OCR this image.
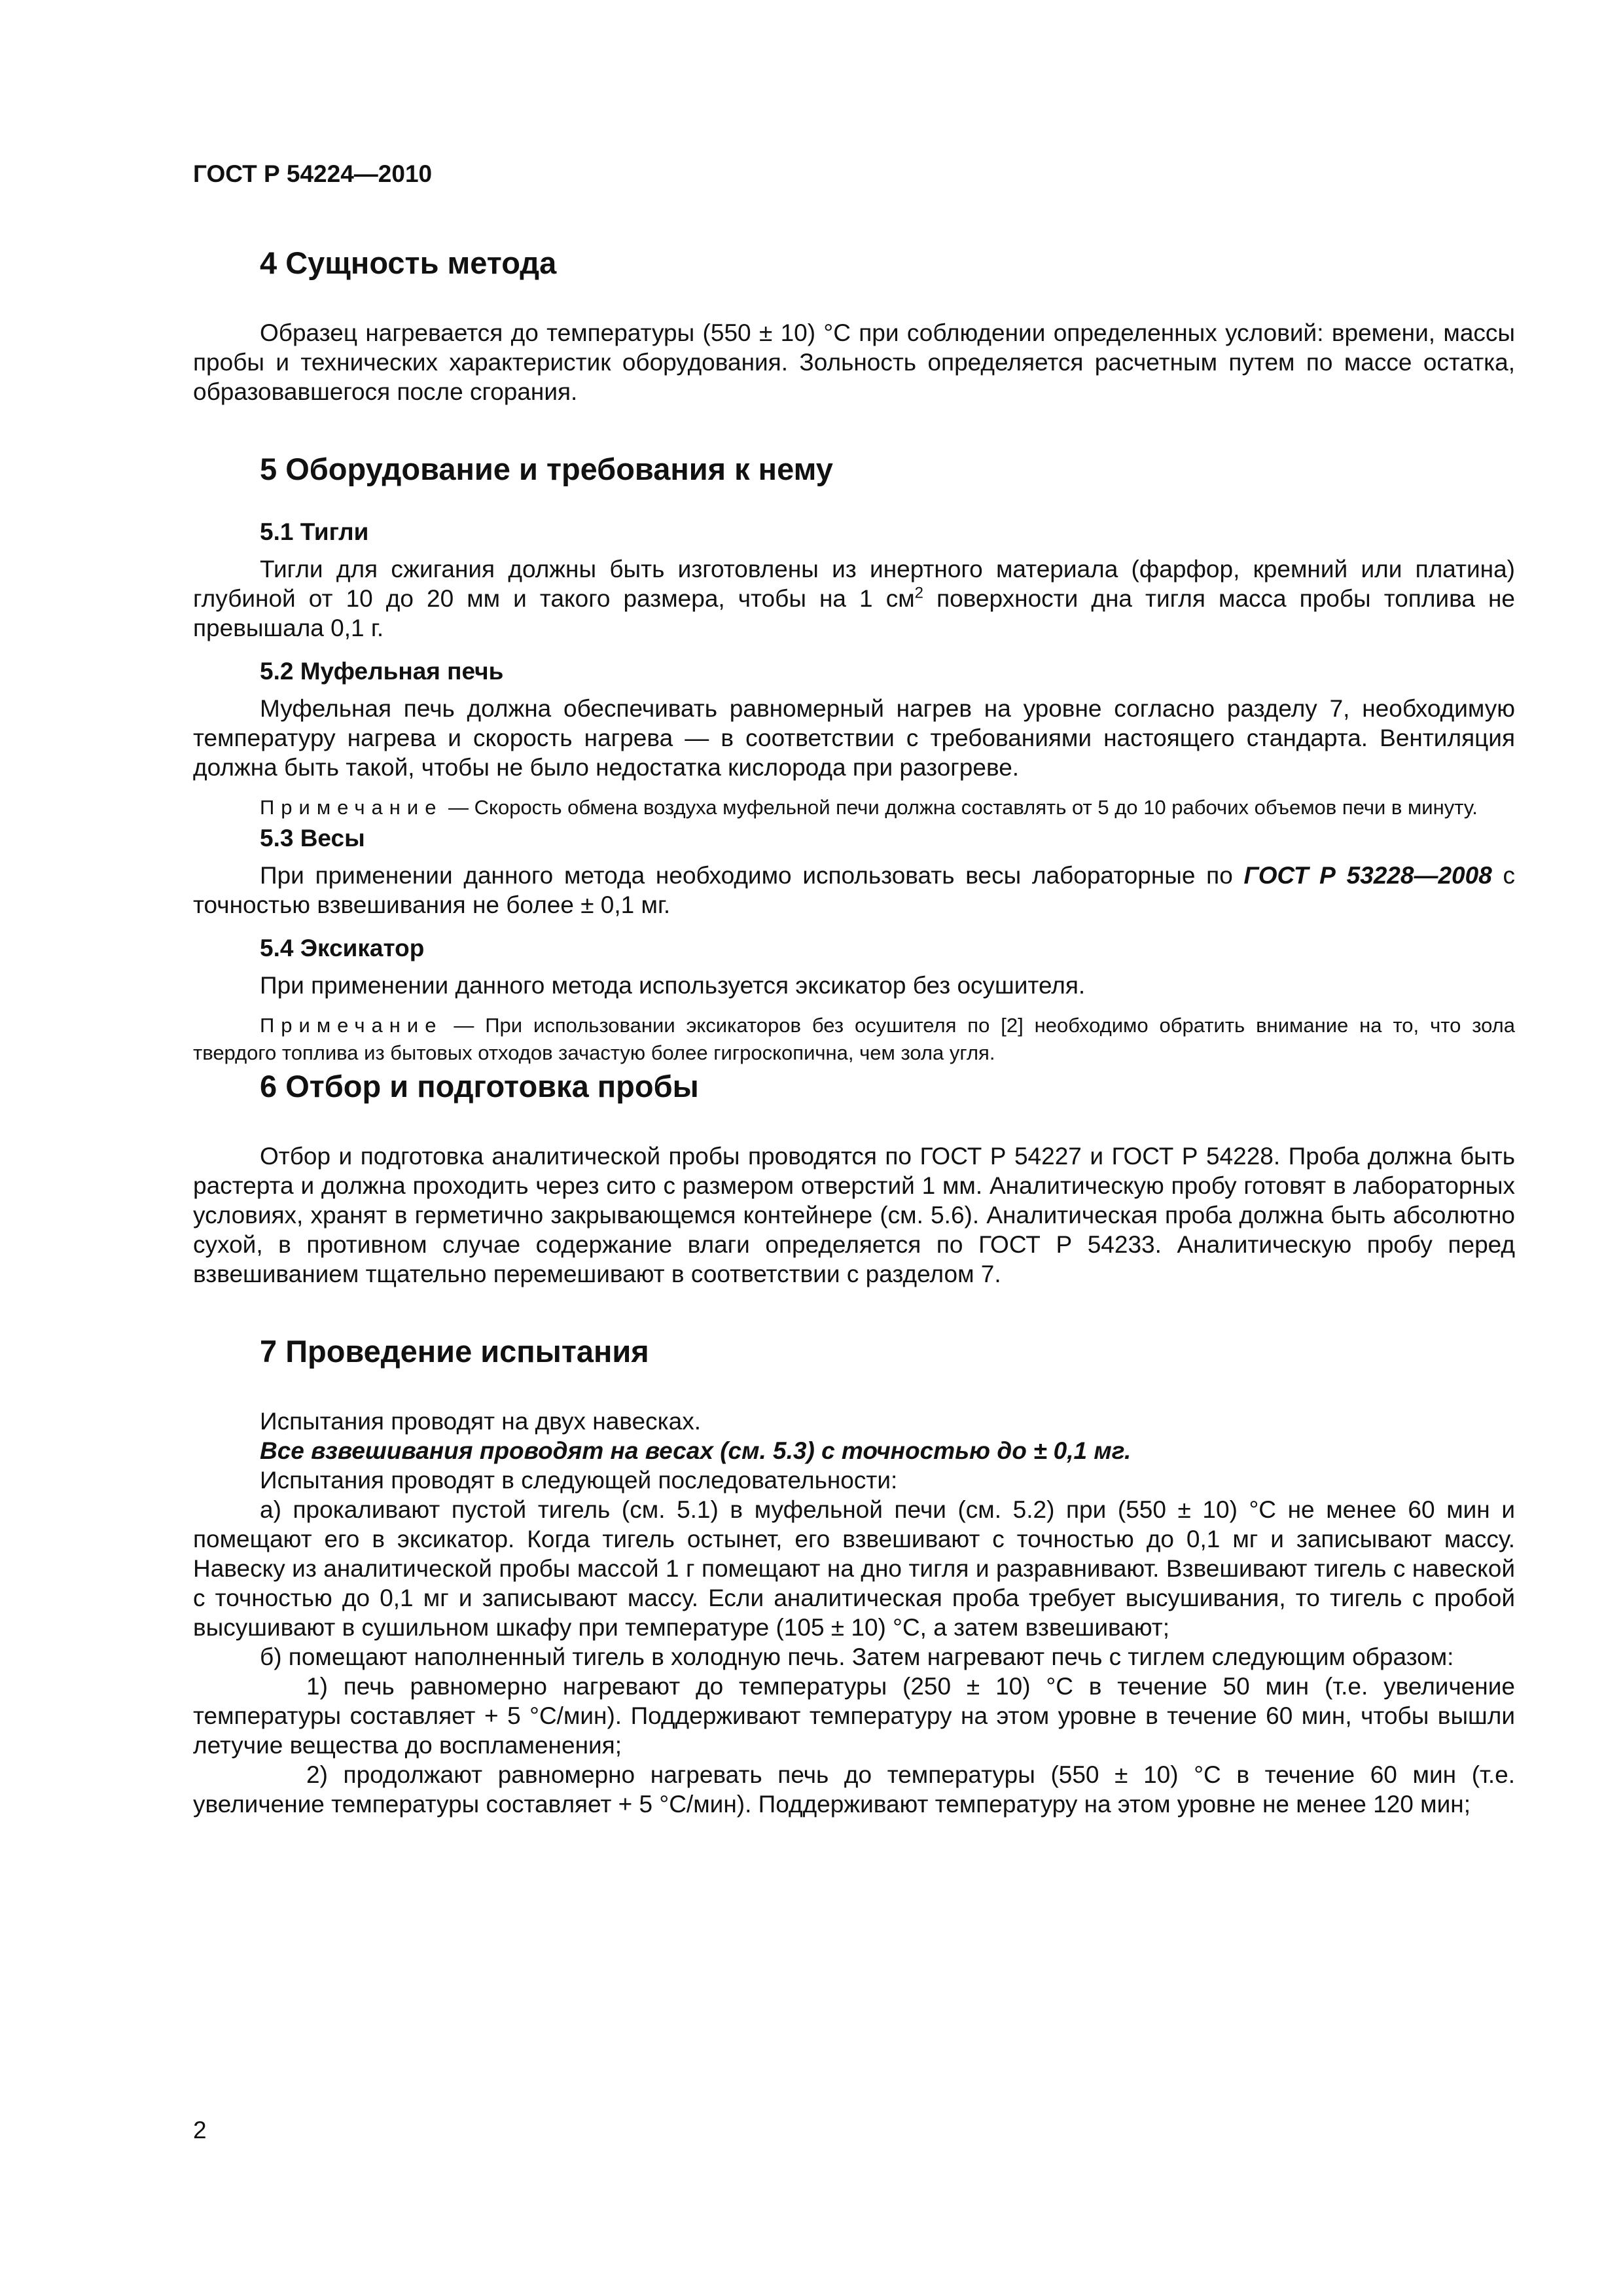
ГОСТ Р 54224—2010
4 Сущность метода

Образец нагревается до температуры (550 ± 10) °С при соблюдении определенных условий: времени, массы пробы и технических характеристик оборудования. Зольность определяется расчетным путем по массе остатка, образовавшегося после сгорания.

5 Оборудование и требования к нему
5.1 Тигли

Тигли для сжигания должны быть изготовлены из инертного материала (фарфор, кремний или платина) глубиной от 10 до 20 мм и такого размера, чтобы на 1 $см^2$ поверхности дна тигля масса пробы топлива не превышала 0,1 г.

5.2 Муфельная печь

Муфельная печь должна обеспечивать равномерный нагрев на уровне согласно разделу 7, необходимую температуру нагрева и скорость нагрева — в соответствии с требованиями настоящего стандарта. Вентиляция должна быть такой, чтобы не было недостатка кислорода при разогреве.

Примечание — Скорость обмена воздуха муфельной печи должна составлять от 5 до 10 рабочих объемов печи в минуту.

5.3 Весы

При применении данного метода необходимо использовать весы лабораторные по ГОСТ Р 53228—2008 с точностью взвешивания не более ± 0,1 мг.

5.4 Эксикатор

При применении данного метода используется эксикатор без осушителя.

Примечание — При использовании эксикаторов без осушителя по [2] необходимо обратить внимание на то, что зола твердого топлива из бытовых отходов зачастую более гигроскопична, чем зола угля.

6 Отбор и подготовка пробы

Отбор и подготовка аналитической пробы проводятся по ГОСТ Р 54227 и ГОСТ Р 54228. Проба должна быть растерта и должна проходить через сито с размером отверстий 1 мм. Аналитическую пробу готовят в лабораторных условиях, хранят в герметично закрывающемся контейнере (см. 5.6). Аналитическая проба должна быть абсолютно сухой, в противном случае содержание влаги определяется по ГОСТ Р 54233. Аналитическую пробу перед взвешиванием тщательно перемешивают в соответствии с разделом 7.

7 Проведение испытания

Испытания проводят на двух навесках.

Все взвешивания проводят на весах (см. 5.3) с точностью до ± 0,1 мг.

Испытания проводят в следующей последовательности:

а) прокаливают пустой тигель (см. 5.1) в муфельной печи (см. 5.2) при (550 ± 10) °С не менее 60 мин и помещают его в эксикатор. Когда тигель остынет, его взвешивают с точностью до 0,1 мг и записывают массу. Навеску из аналитической пробы массой 1 г помещают на дно тигля и разравнивают. Взвешивают тигель с навеской с точностью до 0,1 мг и записывают массу. Если аналитическая проба требует высушивания, то тигель с пробой высушивают в сушильном шкафу при температуре (105 ± 10) °С, а затем взвешивают;

б) помещают наполненный тигель в холодную печь. Затем нагревают печь с тиглем следующим образом:

1) печь равномерно нагревают до температуры (250 ± 10) °С в течение 50 мин (т.е. увеличение температуры составляет + 5 °С/мин). Поддерживают температуру на этом уровне в течение 60 мин, чтобы вышли летучие вещества до воспламенения;

2) продолжают равномерно нагревать печь до температуры (550 ± 10) °С в течение 60 мин (т.е. увеличение температуры составляет + 5 °С/мин). Поддерживают температуру на этом уровне не менее 120 мин;

2
